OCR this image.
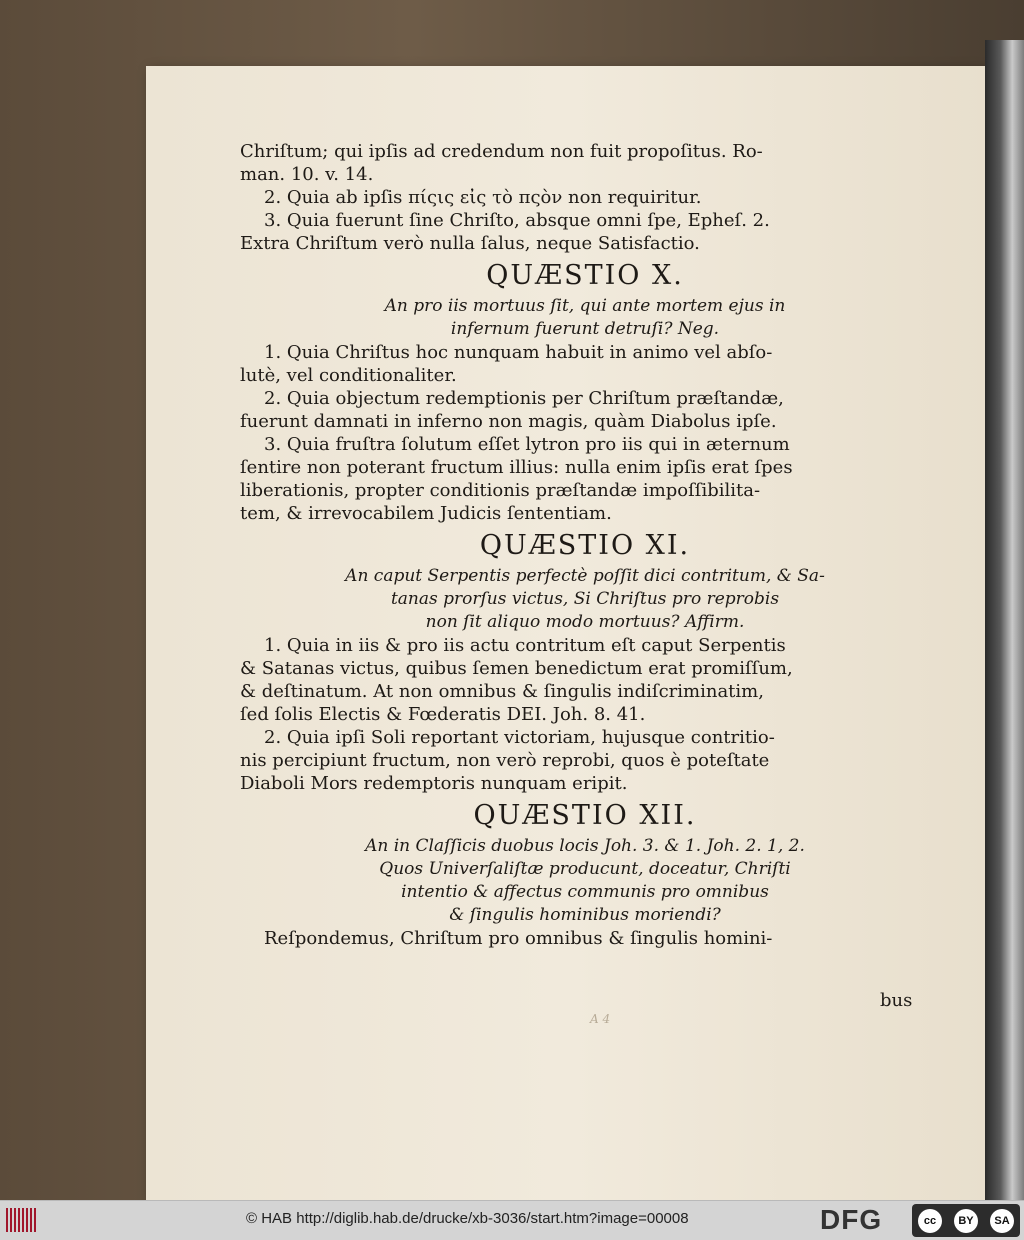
Chriſtum; qui ipſis ad credendum non fuit propoſitus. Ro-
man. 10. v. 14.
2. Quia ab ipſis πίςις εἰς τὸ πςὸν non requiritur.
3. Quia fuerunt ſine Chriſto, absque omni ſpe, Epheſ. 2.
Extra Chriſtum verò nulla ſalus, neque Satisfactio.
QUÆSTIO X.
An pro iis mortuus ſit, qui ante mortem ejus in
infernum fuerunt detruſi? Neg.
1. Quia Chriſtus hoc nunquam habuit in animo vel abſo-
lutè, vel conditionaliter.
2. Quia objectum redemptionis per Chriſtum præſtandæ,
fuerunt damnati in inferno non magis, quàm Diabolus ipſe.
3. Quia fruſtra ſolutum eſſet lytron pro iis qui in æternum
ſentire non poterant fructum illius: nulla enim ipſis erat ſpes
liberationis, propter conditionis præſtandæ impoſſibilita-
tem, & irrevocabilem Judicis ſententiam.
QUÆSTIO XI.
An caput Serpentis perfectè poſſit dici contritum, & Sa-
tanas prorſus victus, Si Chriſtus pro reprobis
non ſit aliquo modo mortuus? Affirm.
1. Quia in iis & pro iis actu contritum eſt caput Serpentis
& Satanas victus, quibus ſemen benedictum erat promiſſum,
& deſtinatum. At non omnibus & ſingulis indiſcriminatim,
ſed ſolis Electis & Fœderatis DEI. Joh. 8. 41.
2. Quia ipſi Soli reportant victoriam, hujusque contritio-
nis percipiunt fructum, non verò reprobi, quos è poteſtate
Diaboli Mors redemptoris nunquam eripit.
QUÆSTIO XII.
An in Claſſicis duobus locis Joh. 3. & 1. Joh. 2. 1, 2.
Quos Univerſaliſtæ producunt, doceatur, Chriſti
intentio & affectus communis pro omnibus
& ſingulis hominibus moriendi?
Reſpondemus, Chriſtum pro omnibus & ſingulis homini-
bus
A 4
© HAB http://diglib.hab.de/drucke/xb-3036/start.htm?image=00008	DFG	cc	BY	SA
